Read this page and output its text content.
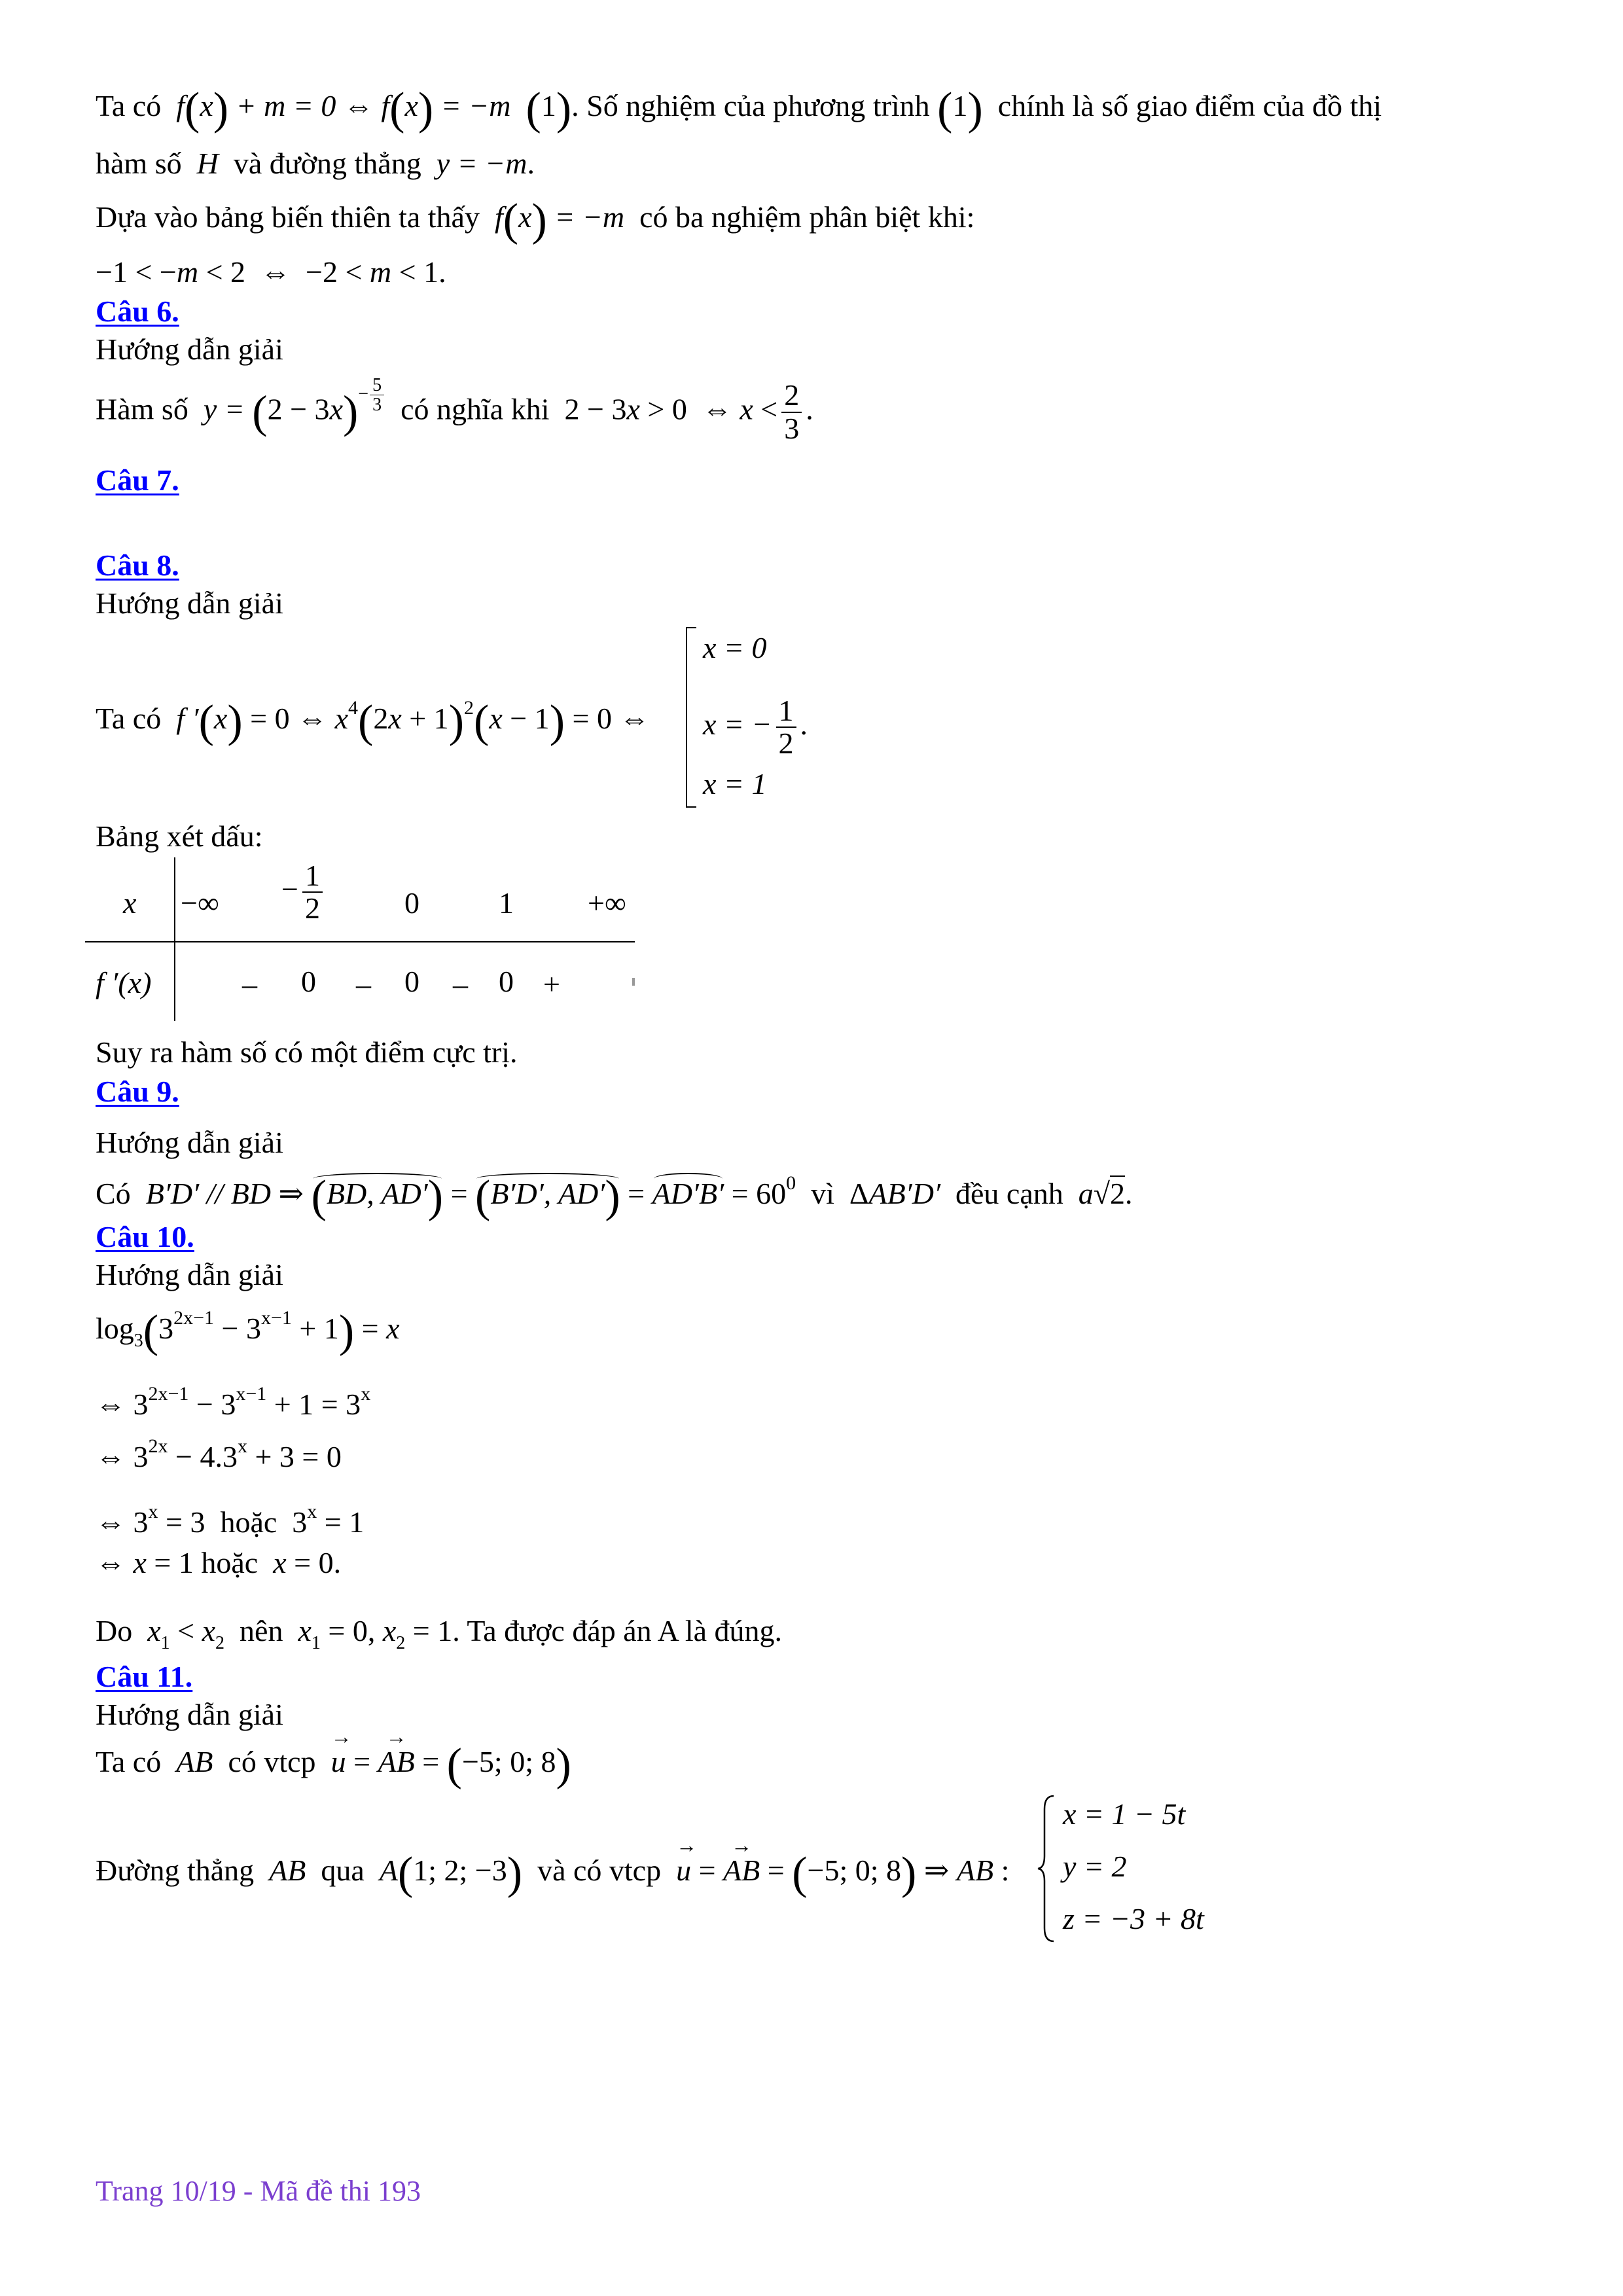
Ta có f(x) + m = 0 ⇔ f(x) = −m  (1). Số nghiệm của phương trình (1) chính là số giao điểm của đồ thị
hàm số H và đường thẳng y = −m.
Dựa vào bảng biến thiên ta thấy f(x) = −m có ba nghiệm phân biệt khi:
−1 < −m < 2  ⇔  −2 < m < 1.
Câu 6.
Hướng dẫn giải
Hàm số $y = (2 - 3x)- \frac{5}{3}$ có nghĩa khi  2 − 3x > 0  ⇔ $x < \frac{2}{3}$ .
Câu 7.
Câu 8.
Hướng dẫn giải
Ta có f ′(x) = 0 ⇔ $x^4(2x + 1)^2(x - 1) = 0$ ⇔
x = 0
x = − $\frac{1}{2}$ .
x = 1
Bảng xét dấu:
x
f ′(x)
−∞ − $\frac{1}{2}$	0	1 +∞
– 0 – 0 – 0 +
Suy ra hàm số có một điểm cực trị.
Câu 9.
Hướng dẫn giải
Có B′D′ // BD ⇒ (BD, AD′) = (B′D′, $AD') = AD'B' = 60^0$ vì  ΔAB′D′ đều cạnh a√2.
Câu 10.
Hướng dẫn giải
$\log_3(3^{2x-1} - 3^{x-1} + 1) = x$
⇔ $3^{2x-1} - 3^{x-1} + 1 = 3^x$
⇔ $3^{2x} - 4.3^x + 3 = 0$
⇔ $3^x = 3$  hoặc  $3^x = 1$
⇔ x = 1 hoặc x = 0.
Do $x_1 < x_2$ nên $x_1 = 0$, $x_2 = 1$. Ta được đáp án A là đúng.
Câu 11.
Hướng dẫn giải
Ta có AB có vtcp → u = → AB = (−5; 0; 8)
Đường thẳng AB qua A(1; 2; −3) và có vtcp → u = → AB = (−5; 0; 8) ⇒ AB :
x = 1 − 5t
y = 2
z = −3 + 8t
Trang 10/19 - Mã đề thi 193
